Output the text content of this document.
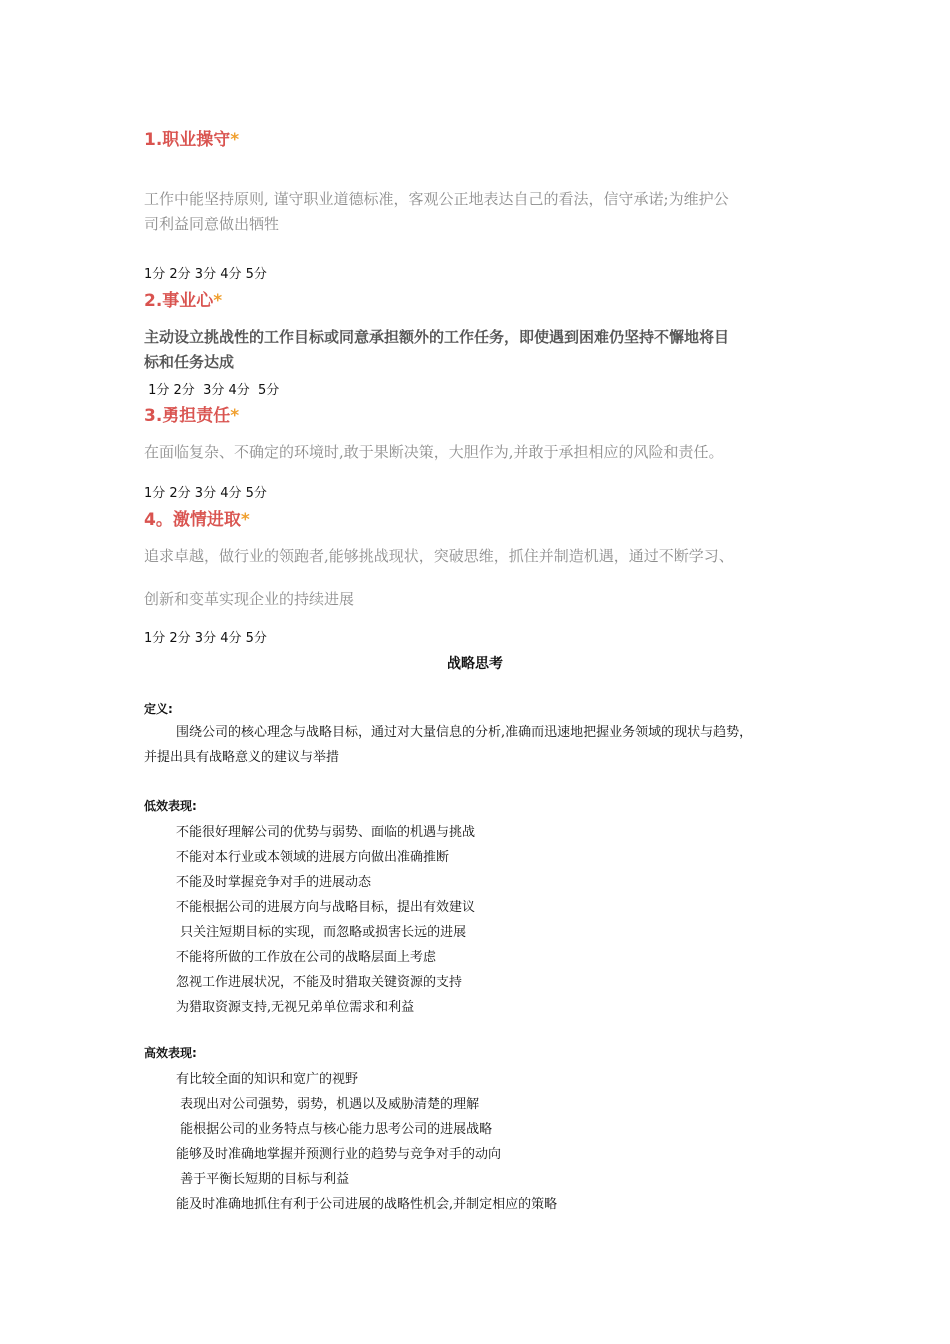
1.职业操守*
工作中能坚持原则, 谨守职业道德标准，客观公正地表达自己的看法，信守承诺;为维护公
司利益同意做出牺牲
1分 2分 3分 4分 5分
2.事业心*
主动设立挑战性的工作目标或同意承担额外的工作任务，即使遇到困难仍坚持不懈地将目
标和任务达成
1分 2分  3分 4分  5分
3.勇担责任*
在面临复杂、不确定的环境时,敢于果断决策，大胆作为,并敢于承担相应的风险和责任。
1分 2分 3分 4分 5分
4。激情进取*
追求卓越，做行业的领跑者,能够挑战现状，突破思维，抓住并制造机遇，通过不断学习、
创新和变革实现企业的持续进展
1分 2分 3分 4分 5分
战略思考
定义:
围绕公司的核心理念与战略目标，通过对大量信息的分析,准确而迅速地把握业务领域的现状与趋势，
并提出具有战略意义的建议与举措
低效表现:
不能很好理解公司的优势与弱势、面临的机遇与挑战
不能对本行业或本领域的进展方向做出准确推断
不能及时掌握竞争对手的进展动态
不能根据公司的进展方向与战略目标，提出有效建议
只关注短期目标的实现，而忽略或损害长远的进展
不能将所做的工作放在公司的战略层面上考虑
忽视工作进展状况，不能及时猎取关键资源的支持
为猎取资源支持,无视兄弟单位需求和利益
高效表现:
有比较全面的知识和宽广的视野
表现出对公司强势，弱势，机遇以及威胁清楚的理解
能根据公司的业务特点与核心能力思考公司的进展战略
能够及时准确地掌握并预测行业的趋势与竞争对手的动向
善于平衡长短期的目标与利益
能及时准确地抓住有利于公司进展的战略性机会,并制定相应的策略
